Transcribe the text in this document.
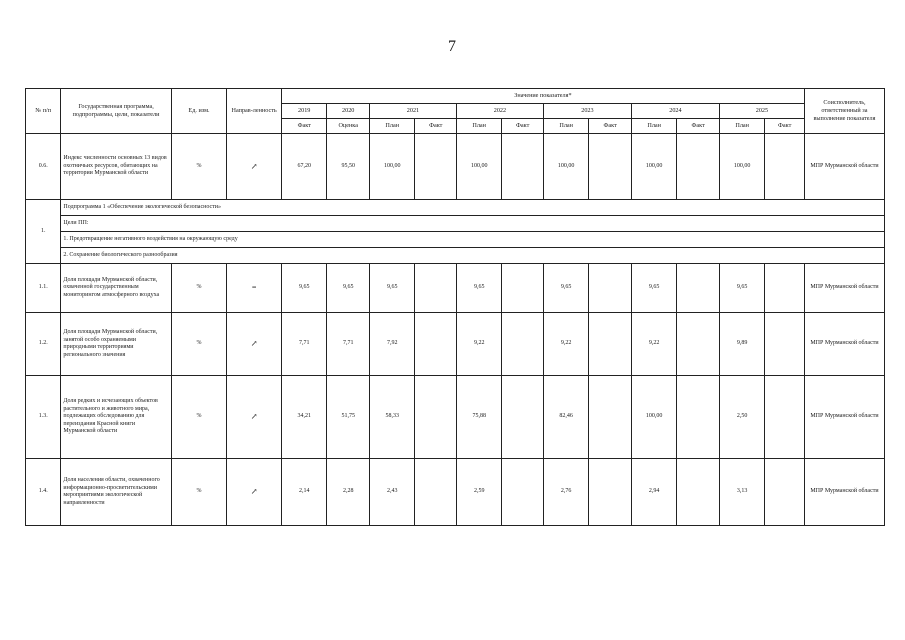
7
№ п/п	Государственная программа, подпрограммы, цели, показатели	Ед. изм.	Направ-ленность	Значение показателя*												Соисполнитель, ответственный за выполнение показателя
				2019	2020	2021		2022		2023		2024		2025		
				Факт	Оценка	План	Факт	План	Факт	План	Факт	План	Факт	План	Факт	
0.6.	Индекс численности основных 13 видов охотничьих ресурсов, обитающих на территории Мурманской области	%	↗	67,20	95,50	100,00		100,00		100,00		100,00		100,00		МПР Мурманской области
1.	Подпрограмма 1 «Обеспечение экологической безопасности»															
	Цели ПП:															
	1. Предотвращение негативного воздействия на окружающую среду															
	2. Сохранение биологического разнообразия															
1.1.	Доля площади Мурманской области, охваченной государственным мониторингом атмосферного воздуха	%	=	9,65	9,65	9,65		9,65		9,65		9,65		9,65		МПР Мурманской области
1.2.	Доля площади Мурманской области, занятой особо охраняемыми природными территориями регионального значения	%	↗	7,71	7,71	7,92		9,22		9,22		9,22		9,89		МПР Мурманской области
1.3.	Доля редких и исчезающих объектов растительного и животного мира, подлежащих обследованию для переиздания Красной книги Мурманской области	%	↗	34,21	51,75	58,33		75,88		82,46		100,00		2,50		МПР Мурманской области
1.4.	Доля населения области, охваченного информационно-просветительскими мероприятиями экологической направленности	%	↗	2,14	2,28	2,43		2,59		2,76		2,94		3,13		МПР Мурманской области
